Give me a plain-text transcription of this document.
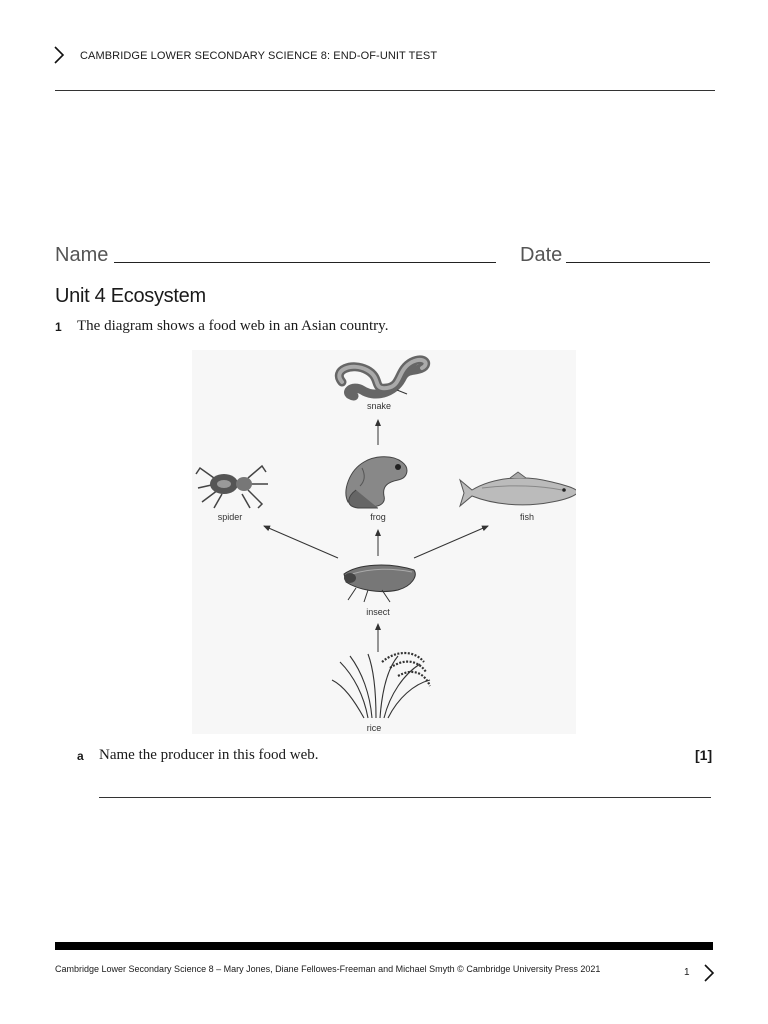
CAMBRIDGE LOWER SECONDARY SCIENCE 8: END-OF-UNIT TEST
Name	Date
Unit 4 Ecosystem
1 The diagram shows a food web in an Asian country.
snake
spider	frog	fish
insect
rice
a Name the producer in this food web.	[1]
Cambridge Lower Secondary Science 8 – Mary Jones, Diane Fellowes-Freeman and Michael Smyth © Cambridge University Press 2021	1
